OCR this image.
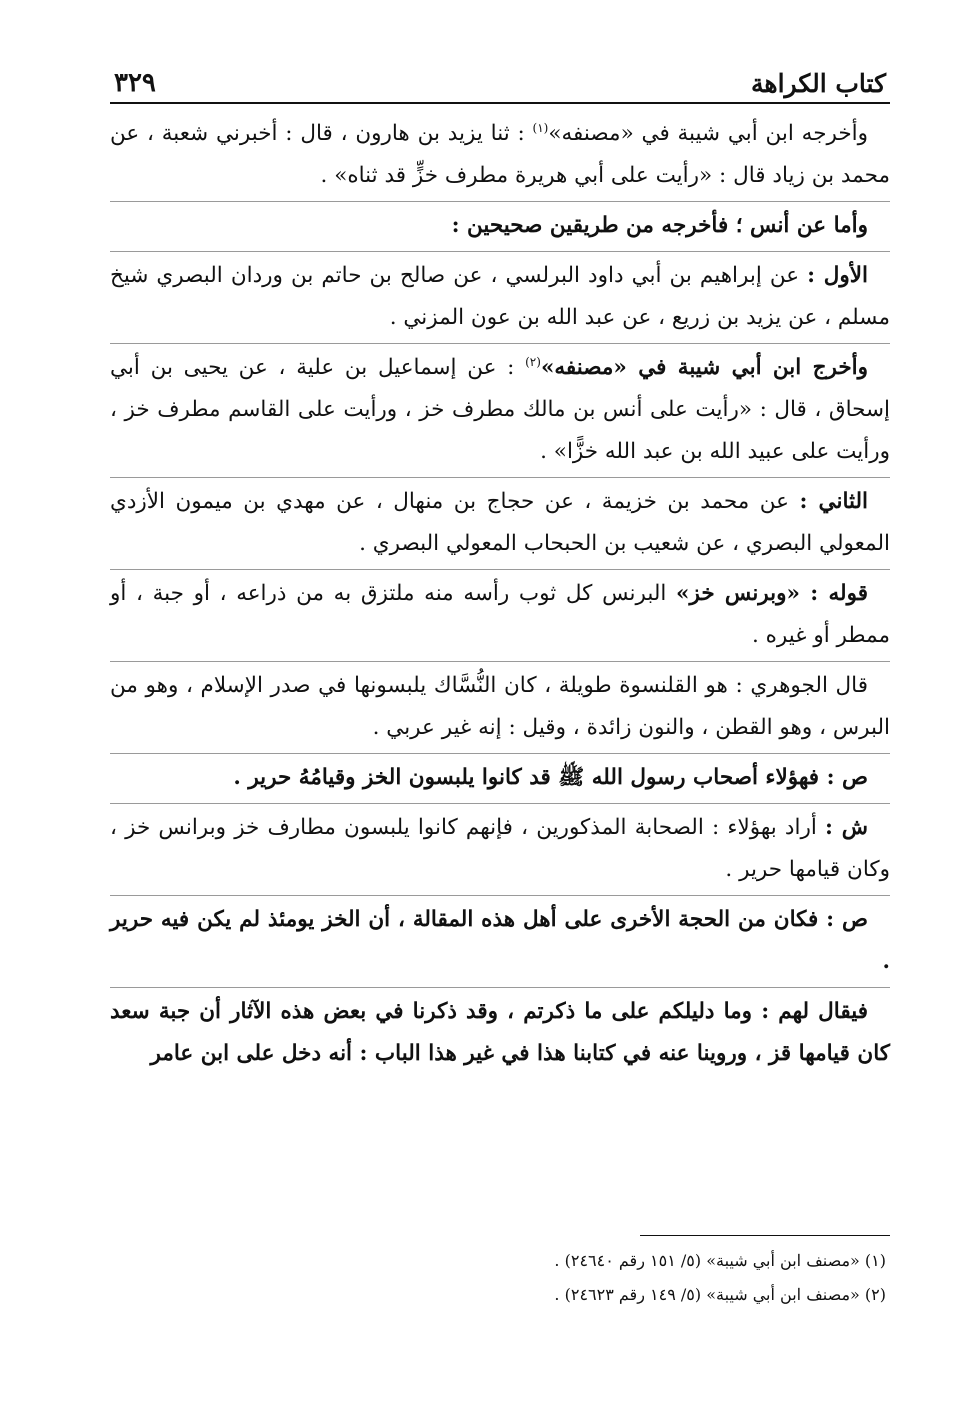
كتاب الكراهة
٣٢٩

وأخرجه ابن أبي شيبة في «مصنفه»$^{(١)}$ : ثنا يزيد بن هارون ، قال : أخبرني شعبة ، عن محمد بن زياد قال : «رأيت على أبي هريرة مطرف خزٍّ قد ثناه» .

وأما عن أنس ؛ فأخرجه من طريقين صحيحين :

الأول : عن إبراهيم بن أبي داود البرلسي ، عن صالح بن حاتم بن وردان البصري شيخ مسلم ، عن يزيد بن زريع ، عن عبد الله بن عون المزني .

وأخرج ابن أبي شيبة في «مصنفه»$^{(٢)}$ : عن إسماعيل بن علية ، عن يحيى بن أبي إسحاق ، قال : «رأيت على أنس بن مالك مطرف خز ، ورأيت على القاسم مطرف خز ، ورأيت على عبيد الله بن عبد الله خزًّا» .

الثاني : عن محمد بن خزيمة ، عن حجاج بن منهال ، عن مهدي بن ميمون الأزدي المعولي البصري ، عن شعيب بن الحبحاب المعولي البصري .

قوله : «وبرنس خز» البرنس كل ثوب رأسه منه ملتزق به من ذراعه ، أو جبة ، أو ممطر أو غيره .

قال الجوهري : هو القلنسوة طويلة ، كان النُّسَّاك يلبسونها في صدر الإسلام ، وهو من البرس ، وهو القطن ، والنون زائدة ، وقيل : إنه غير عربي .

ص : فهؤلاء أصحاب رسول الله ﷺ قد كانوا يلبسون الخز وقيامُهُ حرير .

ش : أراد بهؤلاء : الصحابة المذكورين ، فإنهم كانوا يلبسون مطارف خز وبرانس خز ، وكان قيامها حرير .

ص : فكان من الحجة الأخرى على أهل هذه المقالة ، أن الخز يومئذ لم يكن فيه حرير .

فيقال لهم : وما دليلكم على ما ذكرتم ، وقد ذكرنا في بعض هذه الآثار أن جبة سعد كان قيامها قز ، وروينا عنه في كتابنا هذا في غير هذا الباب : أنه دخل على ابن عامر

(١) «مصنف ابن أبي شيبة» (٥/ ١٥١ رقم ٢٤٦٤٠) .

(٢) «مصنف ابن أبي شيبة» (٥/ ١٤٩ رقم ٢٤٦٢٣) .
